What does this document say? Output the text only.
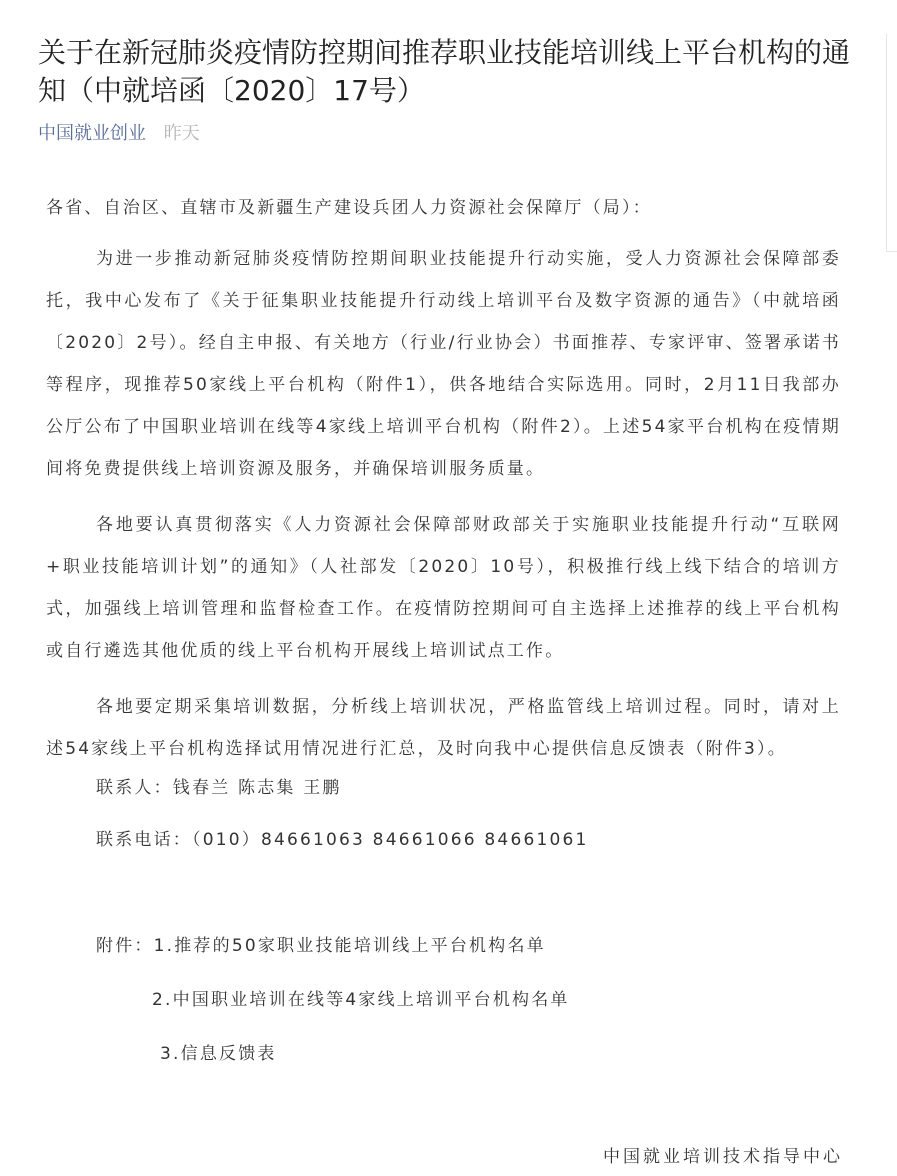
关于在新冠肺炎疫情防控期间推荐职业技能培训线上平台机构的通知（中就培函〔2020〕17号）
中国就业创业 昨天

各省、自治区、直辖市及新疆生产建设兵团人力资源社会保障厅（局）：

为进一步推动新冠肺炎疫情防控期间职业技能提升行动实施，受人力资源社会保障部委托，我中心发布了《关于征集职业技能提升行动线上培训平台及数字资源的通告》（中就培函〔2020〕2号）。经自主申报、有关地方（行业/行业协会）书面推荐、专家评审、签署承诺书等程序，现推荐50家线上平台机构（附件1），供各地结合实际选用。同时，2月11日我部办公厅公布了中国职业培训在线等4家线上培训平台机构（附件2）。上述54家平台机构在疫情期间将免费提供线上培训资源及服务，并确保培训服务质量。

各地要认真贯彻落实《人力资源社会保障部财政部关于实施职业技能提升行动“互联网+职业技能培训计划”的通知》（人社部发〔2020〕10号），积极推行线上线下结合的培训方式，加强线上培训管理和监督检查工作。在疫情防控期间可自主选择上述推荐的线上平台机构或自行遴选其他优质的线上平台机构开展线上培训试点工作。

各地要定期采集培训数据，分析线上培训状况，严格监管线上培训过程。同时，请对上述54家线上平台机构选择试用情况进行汇总，及时向我中心提供信息反馈表（附件3）。

联系人：钱春兰 陈志集 王鹏
联系电话：（010）84661063 84661066 84661061
附件：1.推荐的50家职业技能培训线上平台机构名单
2.中国职业培训在线等4家线上培训平台机构名单
3.信息反馈表
中国就业培训技术指导中心
